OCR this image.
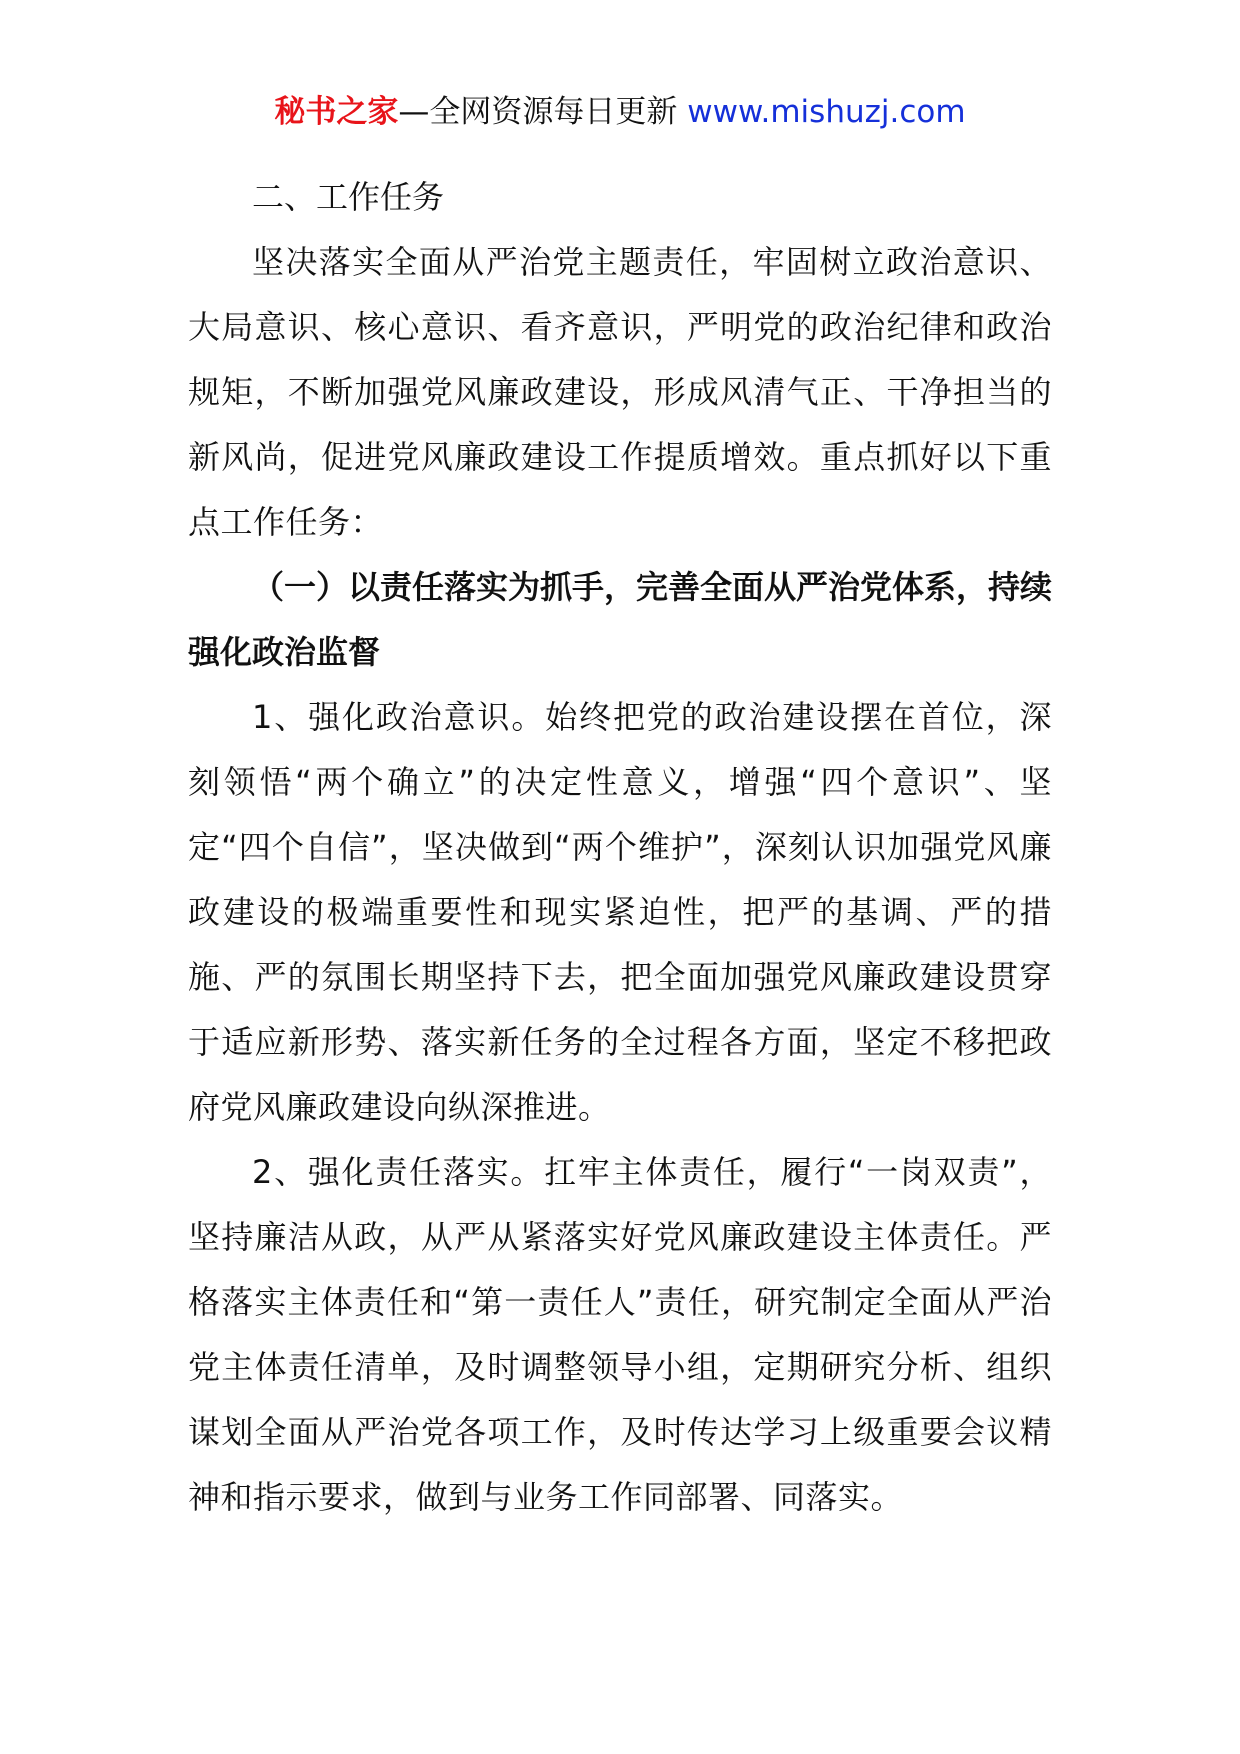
秘书之家—全网资源每日更新 www.mishuzj.com

二、工作任务

坚决落实全面从严治党主题责任，牢固树立政治意识、大局意识、核心意识、看齐意识，严明党的政治纪律和政治规矩，不断加强党风廉政建设，形成风清气正、干净担当的新风尚，促进党风廉政建设工作提质增效。重点抓好以下重点工作任务：

（一）以责任落实为抓手，完善全面从严治党体系，持续强化政治监督

1、强化政治意识。始终把党的政治建设摆在首位，深刻领悟“两个确立”的决定性意义，增强“四个意识”、坚定“四个自信”，坚决做到“两个维护”，深刻认识加强党风廉政建设的极端重要性和现实紧迫性，把严的基调、严的措施、严的氛围长期坚持下去，把全面加强党风廉政建设贯穿于适应新形势、落实新任务的全过程各方面，坚定不移把政府党风廉政建设向纵深推进。

2、强化责任落实。扛牢主体责任，履行“一岗双责”，坚持廉洁从政，从严从紧落实好党风廉政建设主体责任。严格落实主体责任和“第一责任人”责任，研究制定全面从严治党主体责任清单，及时调整领导小组，定期研究分析、组织谋划全面从严治党各项工作，及时传达学习上级重要会议精神和指示要求，做到与业务工作同部署、同落实。
